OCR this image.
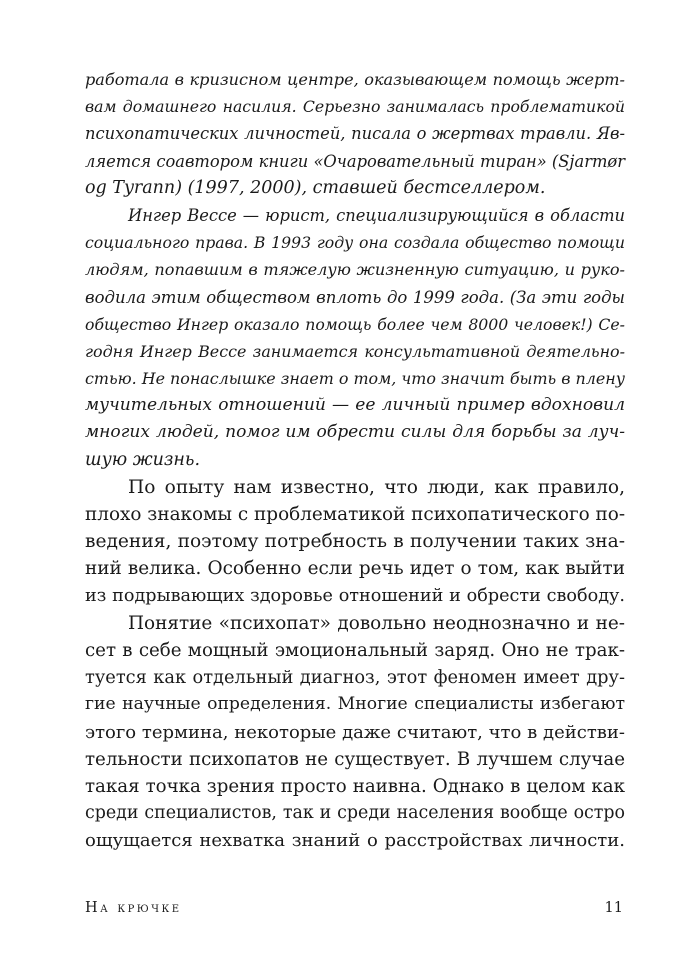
работала в кризисном центре, оказывающем помощь жерт-
вам домашнего насилия. Серьезно занималась проблематикой
психопатических личностей, писала о жертвах травли. Яв-
ляется соавтором книги «Очаровательный тиран» (Sjarmør
og Tyrann) (1997, 2000), ставшей бестселлером.
Ингер Вессе — юрист, специализирующийся в области
социального права. В 1993 году она создала общество помощи
людям, попавшим в тяжелую жизненную ситуацию, и руко-
водила этим обществом вплоть до 1999 года. (За эти годы
общество Ингер оказало помощь более чем 8000 человек!) Се-
годня Ингер Вессе занимается консультативной деятельно-
стью. Не понаслышке знает о том, что значит быть в плену
мучительных отношений — ее личный пример вдохновил
многих людей, помог им обрести силы для борьбы за луч-
шую жизнь.
По опыту нам известно, что люди, как правило,
плохо знакомы с проблематикой психопатического по-
ведения, поэтому потребность в получении таких зна-
ний велика. Особенно если речь идет о том, как выйти
из подрывающих здоровье отношений и обрести свободу.
Понятие «психопат» довольно неоднозначно и не-
сет в себе мощный эмоциональный заряд. Оно не трак-
туется как отдельный диагноз, этот феномен имеет дру-
гие научные определения. Многие специалисты избегают
этого термина, некоторые даже считают, что в действи-
тельности психопатов не существует. В лучшем случае
такая точка зрения просто наивна. Однако в целом как
среди специалистов, так и среди населения вообще остро
ощущается нехватка знаний о расстройствах личности.
На крючке	11
